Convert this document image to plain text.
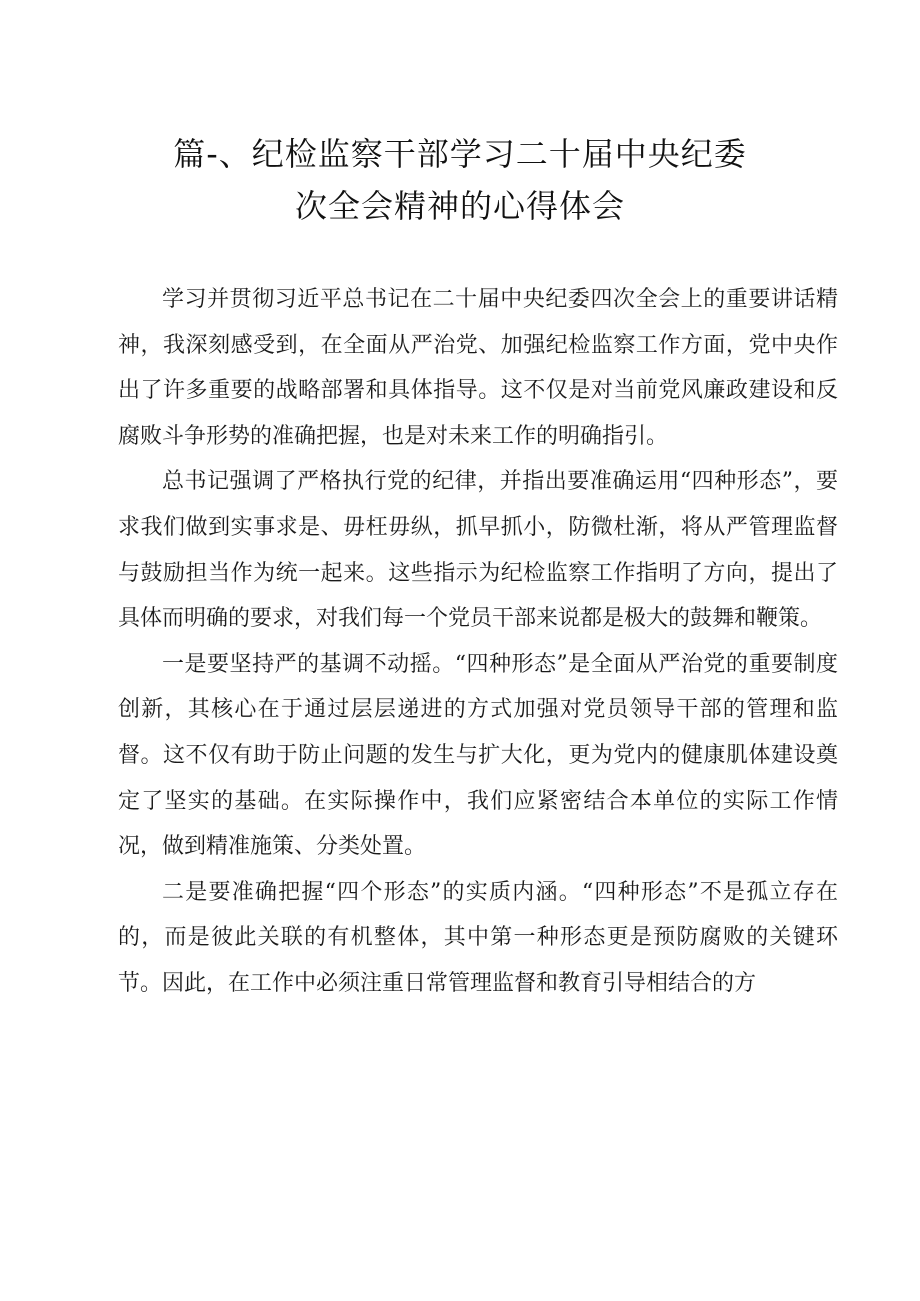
篇-、纪检监察干部学习二十届中央纪委
次全会精神的心得体会

学习并贯彻习近平总书记在二十届中央纪委四次全会上的重要讲话精神，我深刻感受到，在全面从严治党、加强纪检监察工作方面，党中央作出了许多重要的战略部署和具体指导。这不仅是对当前党风廉政建设和反腐败斗争形势的准确把握，也是对未来工作的明确指引。

总书记强调了严格执行党的纪律，并指出要准确运用“四种形态”，要求我们做到实事求是、毋枉毋纵，抓早抓小，防微杜渐，将从严管理监督与鼓励担当作为统一起来。这些指示为纪检监察工作指明了方向，提出了具体而明确的要求，对我们每一个党员干部来说都是极大的鼓舞和鞭策。

一是要坚持严的基调不动摇。“四种形态”是全面从严治党的重要制度创新，其核心在于通过层层递进的方式加强对党员领导干部的管理和监督。这不仅有助于防止问题的发生与扩大化，更为党内的健康肌体建设奠定了坚实的基础。在实际操作中，我们应紧密结合本单位的实际工作情况，做到精准施策、分类处置。

二是要准确把握“四个形态”的实质内涵。“四种形态”不是孤立存在的，而是彼此关联的有机整体，其中第一种形态更是预防腐败的关键环节。因此，在工作中必须注重日常管理监督和教育引导相结合的方
